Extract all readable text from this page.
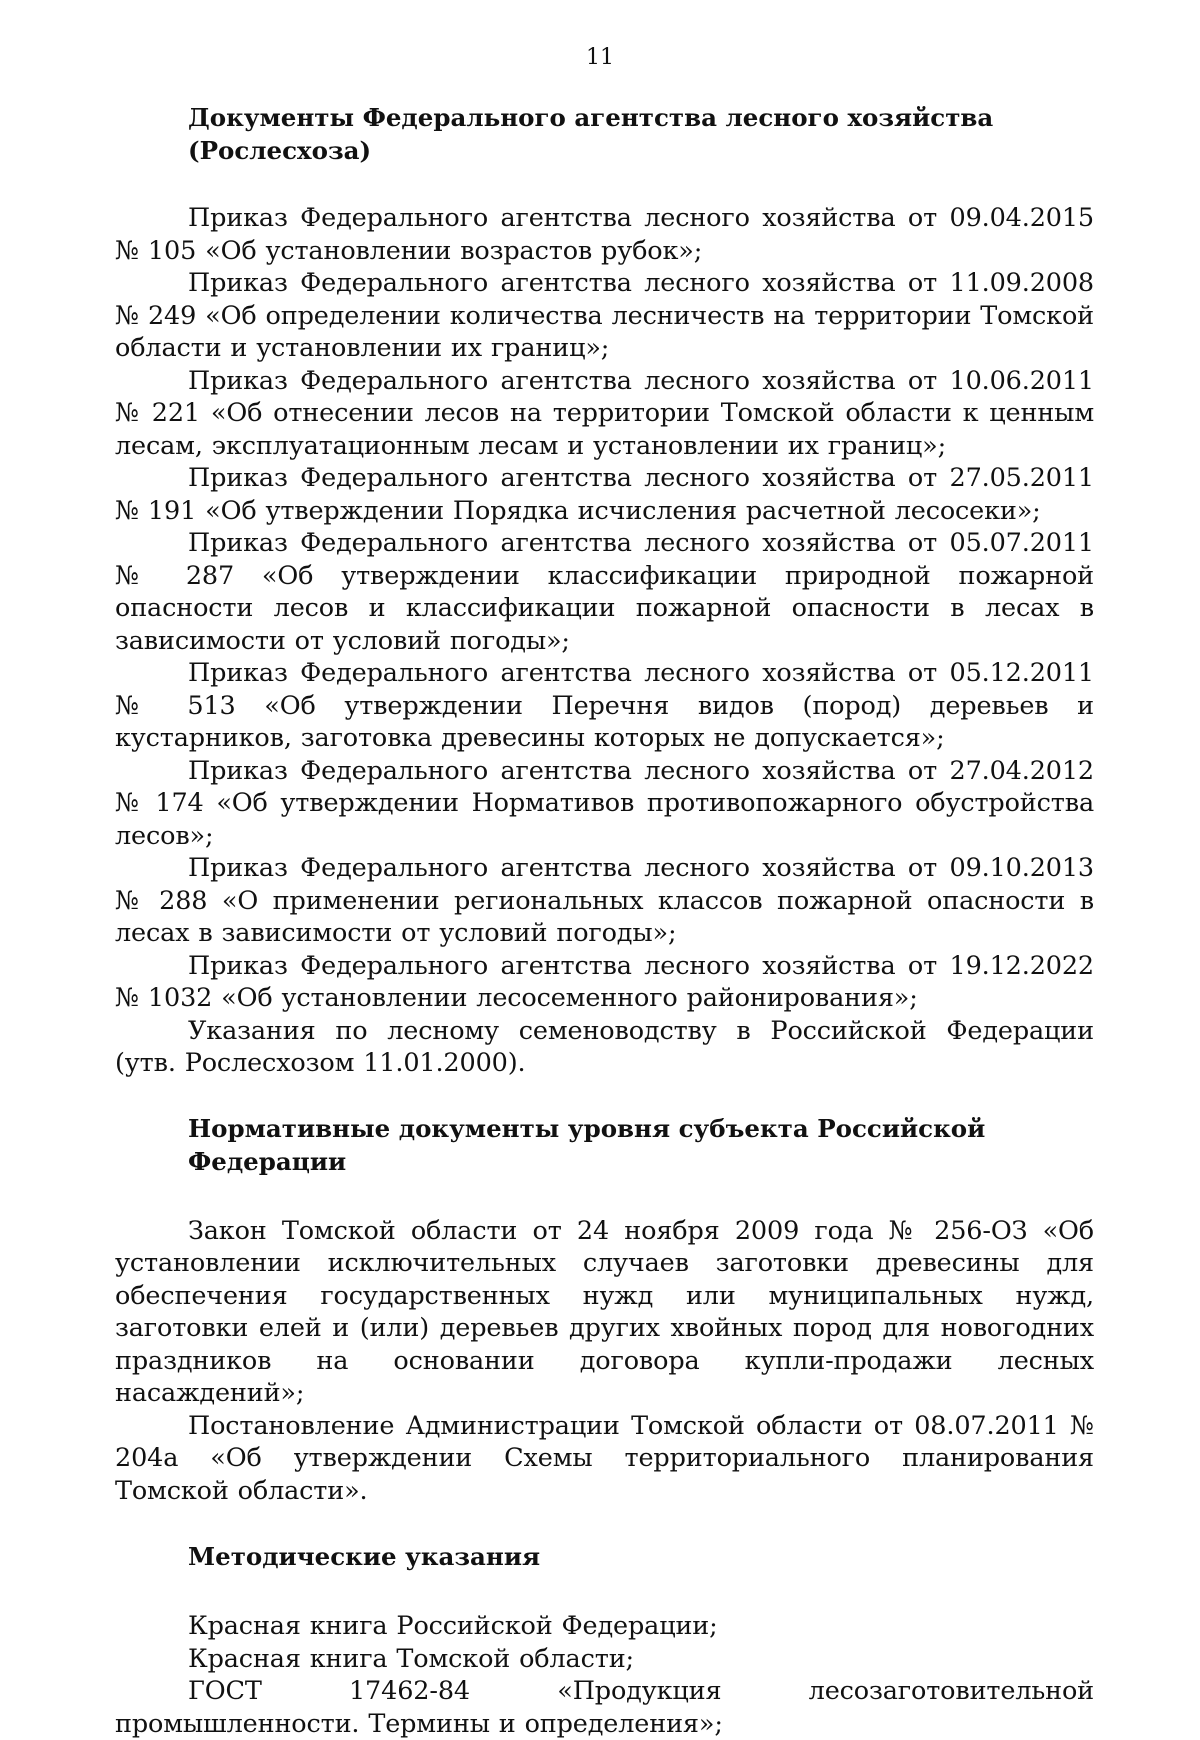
11
Документы Федерального агентства лесного хозяйства (Рослесхоза)

Приказ Федерального агентства лесного хозяйства от 09.04.2015 № 105 «Об установлении возрастов рубок»;

Приказ Федерального агентства лесного хозяйства от 11.09.2008 № 249 «Об определении количества лесничеств на территории Томской области и установлении их границ»;

Приказ Федерального агентства лесного хозяйства от 10.06.2011 № 221 «Об отнесении лесов на территории Томской области к ценным лесам, эксплуатационным лесам и установлении их границ»;

Приказ Федерального агентства лесного хозяйства от 27.05.2011 № 191 «Об утверждении Порядка исчисления расчетной лесосеки»;

Приказ Федерального агентства лесного хозяйства от 05.07.2011 № 287 «Об утверждении классификации природной пожарной опасности лесов и классификации пожарной опасности в лесах в зависимости от условий погоды»;

Приказ Федерального агентства лесного хозяйства от 05.12.2011 № 513 «Об утверждении Перечня видов (пород) деревьев и кустарников, заготовка древесины которых не допускается»;

Приказ Федерального агентства лесного хозяйства от 27.04.2012 № 174 «Об утверждении Нормативов противопожарного обустройства лесов»;

Приказ Федерального агентства лесного хозяйства от 09.10.2013 № 288 «О применении региональных классов пожарной опасности в лесах в зависимости от условий погоды»;

Приказ Федерального агентства лесного хозяйства от 19.12.2022 № 1032 «Об установлении лесосеменного районирования»;

Указания по лесному семеноводству в Российской Федерации (утв. Рослесхозом 11.01.2000).

Нормативные документы уровня субъекта Российской Федерации

Закон Томской области от 24 ноября 2009 года № 256-ОЗ «Об установлении исключительных случаев заготовки древесины для обеспечения государственных нужд или муниципальных нужд, заготовки елей и (или) деревьев других хвойных пород для новогодних праздников на основании договора купли-продажи лесных насаждений»;

Постановление Администрации Томской области от 08.07.2011 № 204а «Об утверждении Схемы территориального планирования Томской области».

Методические указания

Красная книга Российской Федерации;

Красная книга Томской области;

ГОСТ 17462-84 «Продукция лесозаготовительной промышленности. Термины и определения»;
